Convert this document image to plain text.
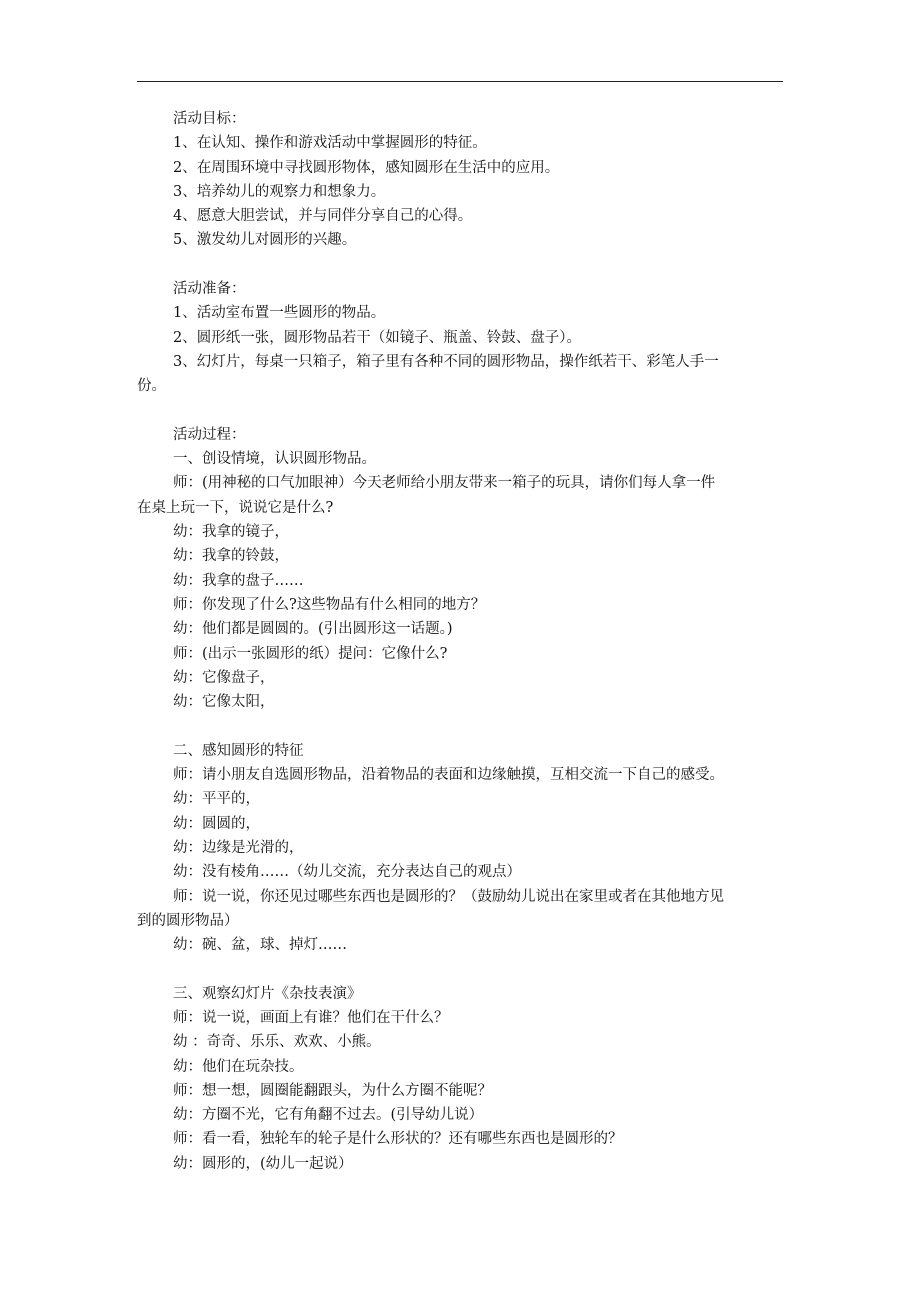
活动目标：
1、在认知、操作和游戏活动中掌握圆形的特征。
2、在周围环境中寻找圆形物体，感知圆形在生活中的应用。
3、培养幼儿的观察力和想象力。
4、愿意大胆尝试，并与同伴分享自己的心得。
5、激发幼儿对圆形的兴趣。
活动准备：
1、活动室布置一些圆形的物品。
2、圆形纸一张，圆形物品若干（如镜子、瓶盖、铃鼓、盘子）。
3、幻灯片，每桌一只箱子，箱子里有各种不同的圆形物品，操作纸若干、彩笔人手一
份。
活动过程：
一、创设情境，认识圆形物品。
师：(用神秘的口气加眼神）今天老师给小朋友带来一箱子的玩具，请你们每人拿一件
在桌上玩一下，说说它是什么?
幼：我拿的镜子，
幼：我拿的铃鼓，
幼：我拿的盘子……
师：你发现了什么?这些物品有什么相同的地方？
幼：他们都是圆圆的。(引出圆形这一话题。)
师：(出示一张圆形的纸）提问：它像什么?
幼：它像盘子，
幼：它像太阳，
二、感知圆形的特征
师：请小朋友自选圆形物品，沿着物品的表面和边缘触摸，互相交流一下自己的感受。
幼：平平的，
幼：圆圆的，
幼：边缘是光滑的，
幼：没有棱角……（幼儿交流，充分表达自己的观点）
师：说一说，你还见过哪些东西也是圆形的？（鼓励幼儿说出在家里或者在其他地方见
到的圆形物品）
幼：碗、盆，球、掉灯……
三、观察幻灯片《杂技表演》
师：说一说，画面上有谁？他们在干什么？
幼 ：奇奇、乐乐、欢欢、小熊。
幼：他们在玩杂技。
师：想一想，圆圈能翻跟头，为什么方圈不能呢？
幼：方圈不光，它有角翻不过去。(引导幼儿说）
师：看一看，独轮车的轮子是什么形状的？还有哪些东西也是圆形的？
幼：圆形的，(幼儿一起说）
